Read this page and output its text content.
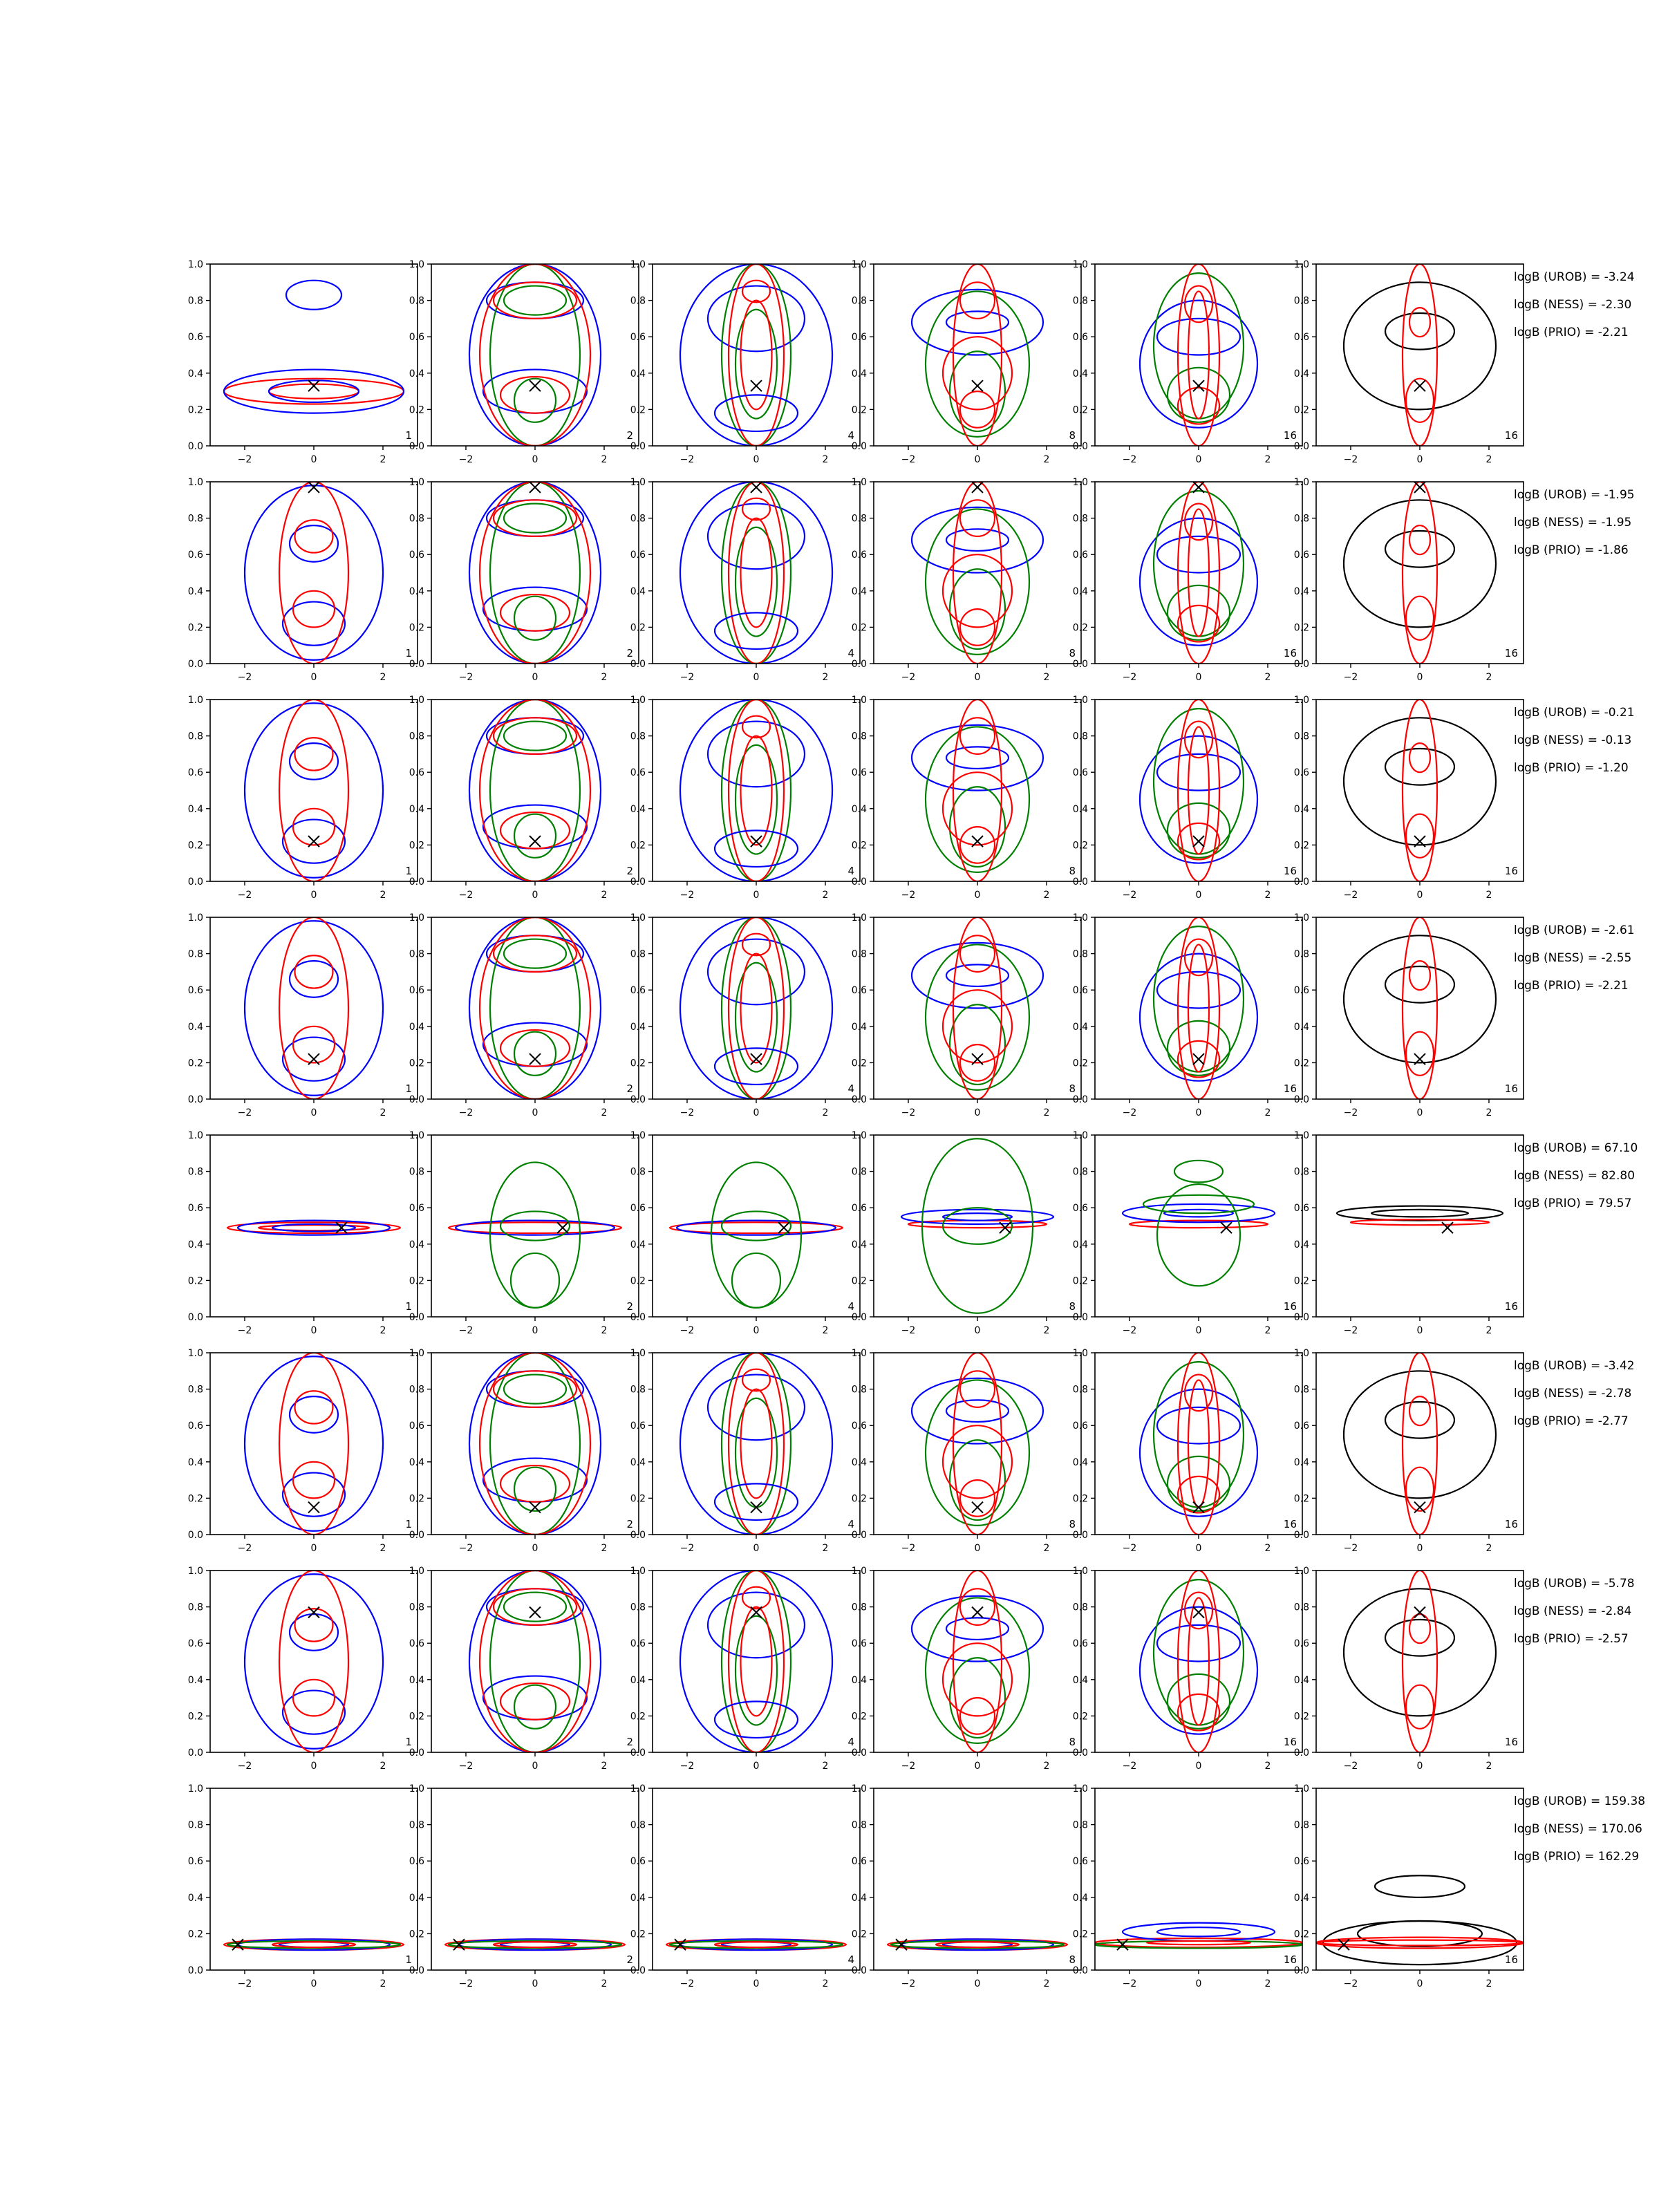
−2	0	2
0.0
0.2
0.4
0.6
0.8
1.0
1
−2	0	2
0.0
0.2
0.4
0.6
0.8
1.0
2
−2	0	2
0.0
0.2
0.4
0.6
0.8
1.0
4
−2	0	2
0.0
0.2
0.4
0.6
0.8
1.0
8
−2	0	2
0.0
0.2
0.4
0.6
0.8
1.0
16
−2	0	2
0.0
0.2
0.4
0.6
0.8
1.0
16
logB (UROB) = -3.24
logB (NESS) = -2.30
logB (PRIO) = -2.21
−2	0	2
0.0
0.2
0.4
0.6
0.8
1.0
1
−2	0	2
0.0
0.2
0.4
0.6
0.8
1.0
2
−2	0	2
0.0
0.2
0.4
0.6
0.8
1.0
4
−2	0	2
0.0
0.2
0.4
0.6
0.8
1.0
8
−2	0	2
0.0
0.2
0.4
0.6
0.8
1.0
16
−2	0	2
0.0
0.2
0.4
0.6
0.8
1.0
16
logB (UROB) = -1.95
logB (NESS) = -1.95
logB (PRIO) = -1.86
−2	0	2
0.0
0.2
0.4
0.6
0.8
1.0
1
−2	0	2
0.0
0.2
0.4
0.6
0.8
1.0
2
−2	0	2
0.0
0.2
0.4
0.6
0.8
1.0
4
−2	0	2
0.0
0.2
0.4
0.6
0.8
1.0
8
−2	0	2
0.0
0.2
0.4
0.6
0.8
1.0
16
−2	0	2
0.0
0.2
0.4
0.6
0.8
1.0
16
logB (UROB) = -0.21
logB (NESS) = -0.13
logB (PRIO) = -1.20
−2	0	2
0.0
0.2
0.4
0.6
0.8
1.0
1
−2	0	2
0.0
0.2
0.4
0.6
0.8
1.0
2
−2	0	2
0.0
0.2
0.4
0.6
0.8
1.0
4
−2	0	2
0.0
0.2
0.4
0.6
0.8
1.0
8
−2	0	2
0.0
0.2
0.4
0.6
0.8
1.0
16
−2	0	2
0.0
0.2
0.4
0.6
0.8
1.0
16
logB (UROB) = -2.61
logB (NESS) = -2.55
logB (PRIO) = -2.21
−2	0	2
0.0
0.2
0.4
0.6
0.8
1.0
1
−2	0	2
0.0
0.2
0.4
0.6
0.8
1.0
2
−2	0	2
0.0
0.2
0.4
0.6
0.8
1.0
4
−2	0	2
0.0
0.2
0.4
0.6
0.8
1.0
8
−2	0	2
0.0
0.2
0.4
0.6
0.8
1.0
16
−2	0	2
0.0
0.2
0.4
0.6
0.8
1.0
16
logB (UROB) = 67.10
logB (NESS) = 82.80
logB (PRIO) = 79.57
−2	0	2
0.0
0.2
0.4
0.6
0.8
1.0
1
−2	0	2
0.0
0.2
0.4
0.6
0.8
1.0
2
−2	0	2
0.0
0.2
0.4
0.6
0.8
1.0
4
−2	0	2
0.0
0.2
0.4
0.6
0.8
1.0
8
−2	0	2
0.0
0.2
0.4
0.6
0.8
1.0
16
−2	0	2
0.0
0.2
0.4
0.6
0.8
1.0
16
logB (UROB) = -3.42
logB (NESS) = -2.78
logB (PRIO) = -2.77
−2	0	2
0.0
0.2
0.4
0.6
0.8
1.0
1
−2	0	2
0.0
0.2
0.4
0.6
0.8
1.0
2
−2	0	2
0.0
0.2
0.4
0.6
0.8
1.0
4
−2	0	2
0.0
0.2
0.4
0.6
0.8
1.0
8
−2	0	2
0.0
0.2
0.4
0.6
0.8
1.0
16
−2	0	2
0.0
0.2
0.4
0.6
0.8
1.0
16
logB (UROB) = -5.78
logB (NESS) = -2.84
logB (PRIO) = -2.57
−2	0	2
0.0
0.2
0.4
0.6
0.8
1.0
1
−2	0	2
0.0
0.2
0.4
0.6
0.8
1.0
2
−2	0	2
0.0
0.2
0.4
0.6
0.8
1.0
4
−2	0	2
0.0
0.2
0.4
0.6
0.8
1.0
8
−2	0	2
0.0
0.2
0.4
0.6
0.8
1.0
16
−2	0	2
0.0
0.2
0.4
0.6
0.8
1.0
16
logB (UROB) = 159.38
logB (NESS) = 170.06
logB (PRIO) = 162.29
